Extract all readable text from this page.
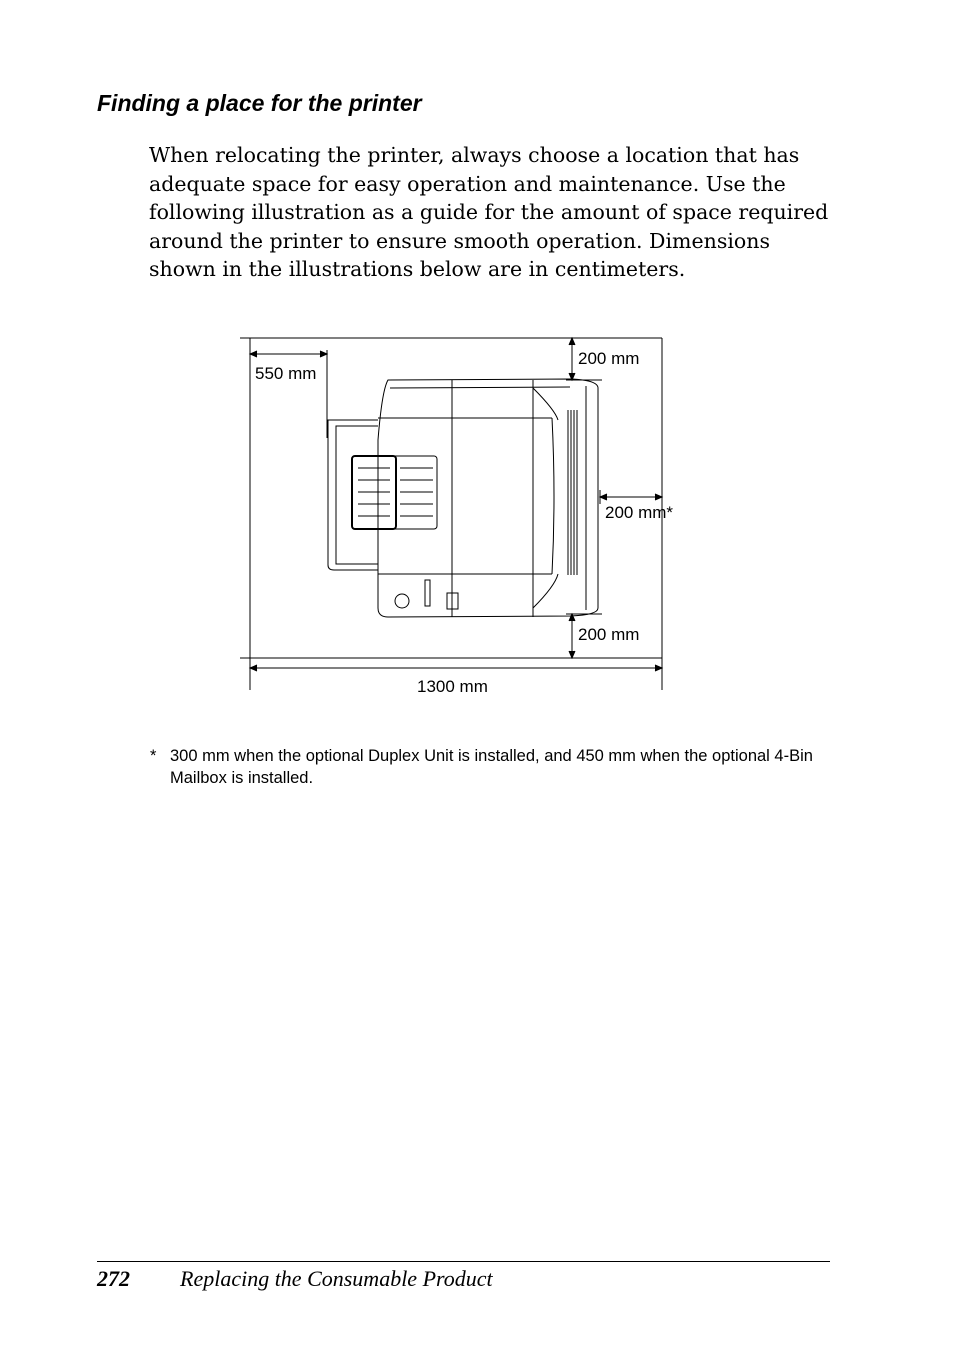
Finding a place for the printer

When relocating the printer, always choose a location that has adequate space for easy operation and maintenance. Use the following illustration as a guide for the amount of space required around the printer to ensure smooth operation. Dimensions shown in the illustrations below are in centimeters.

550 mm
200 mm
200 mm*
200 mm
1300 mm
* 300 mm when the optional Duplex Unit is installed, and 450 mm when the optional 4-Bin Mailbox is installed.
272 Replacing the Consumable Product
